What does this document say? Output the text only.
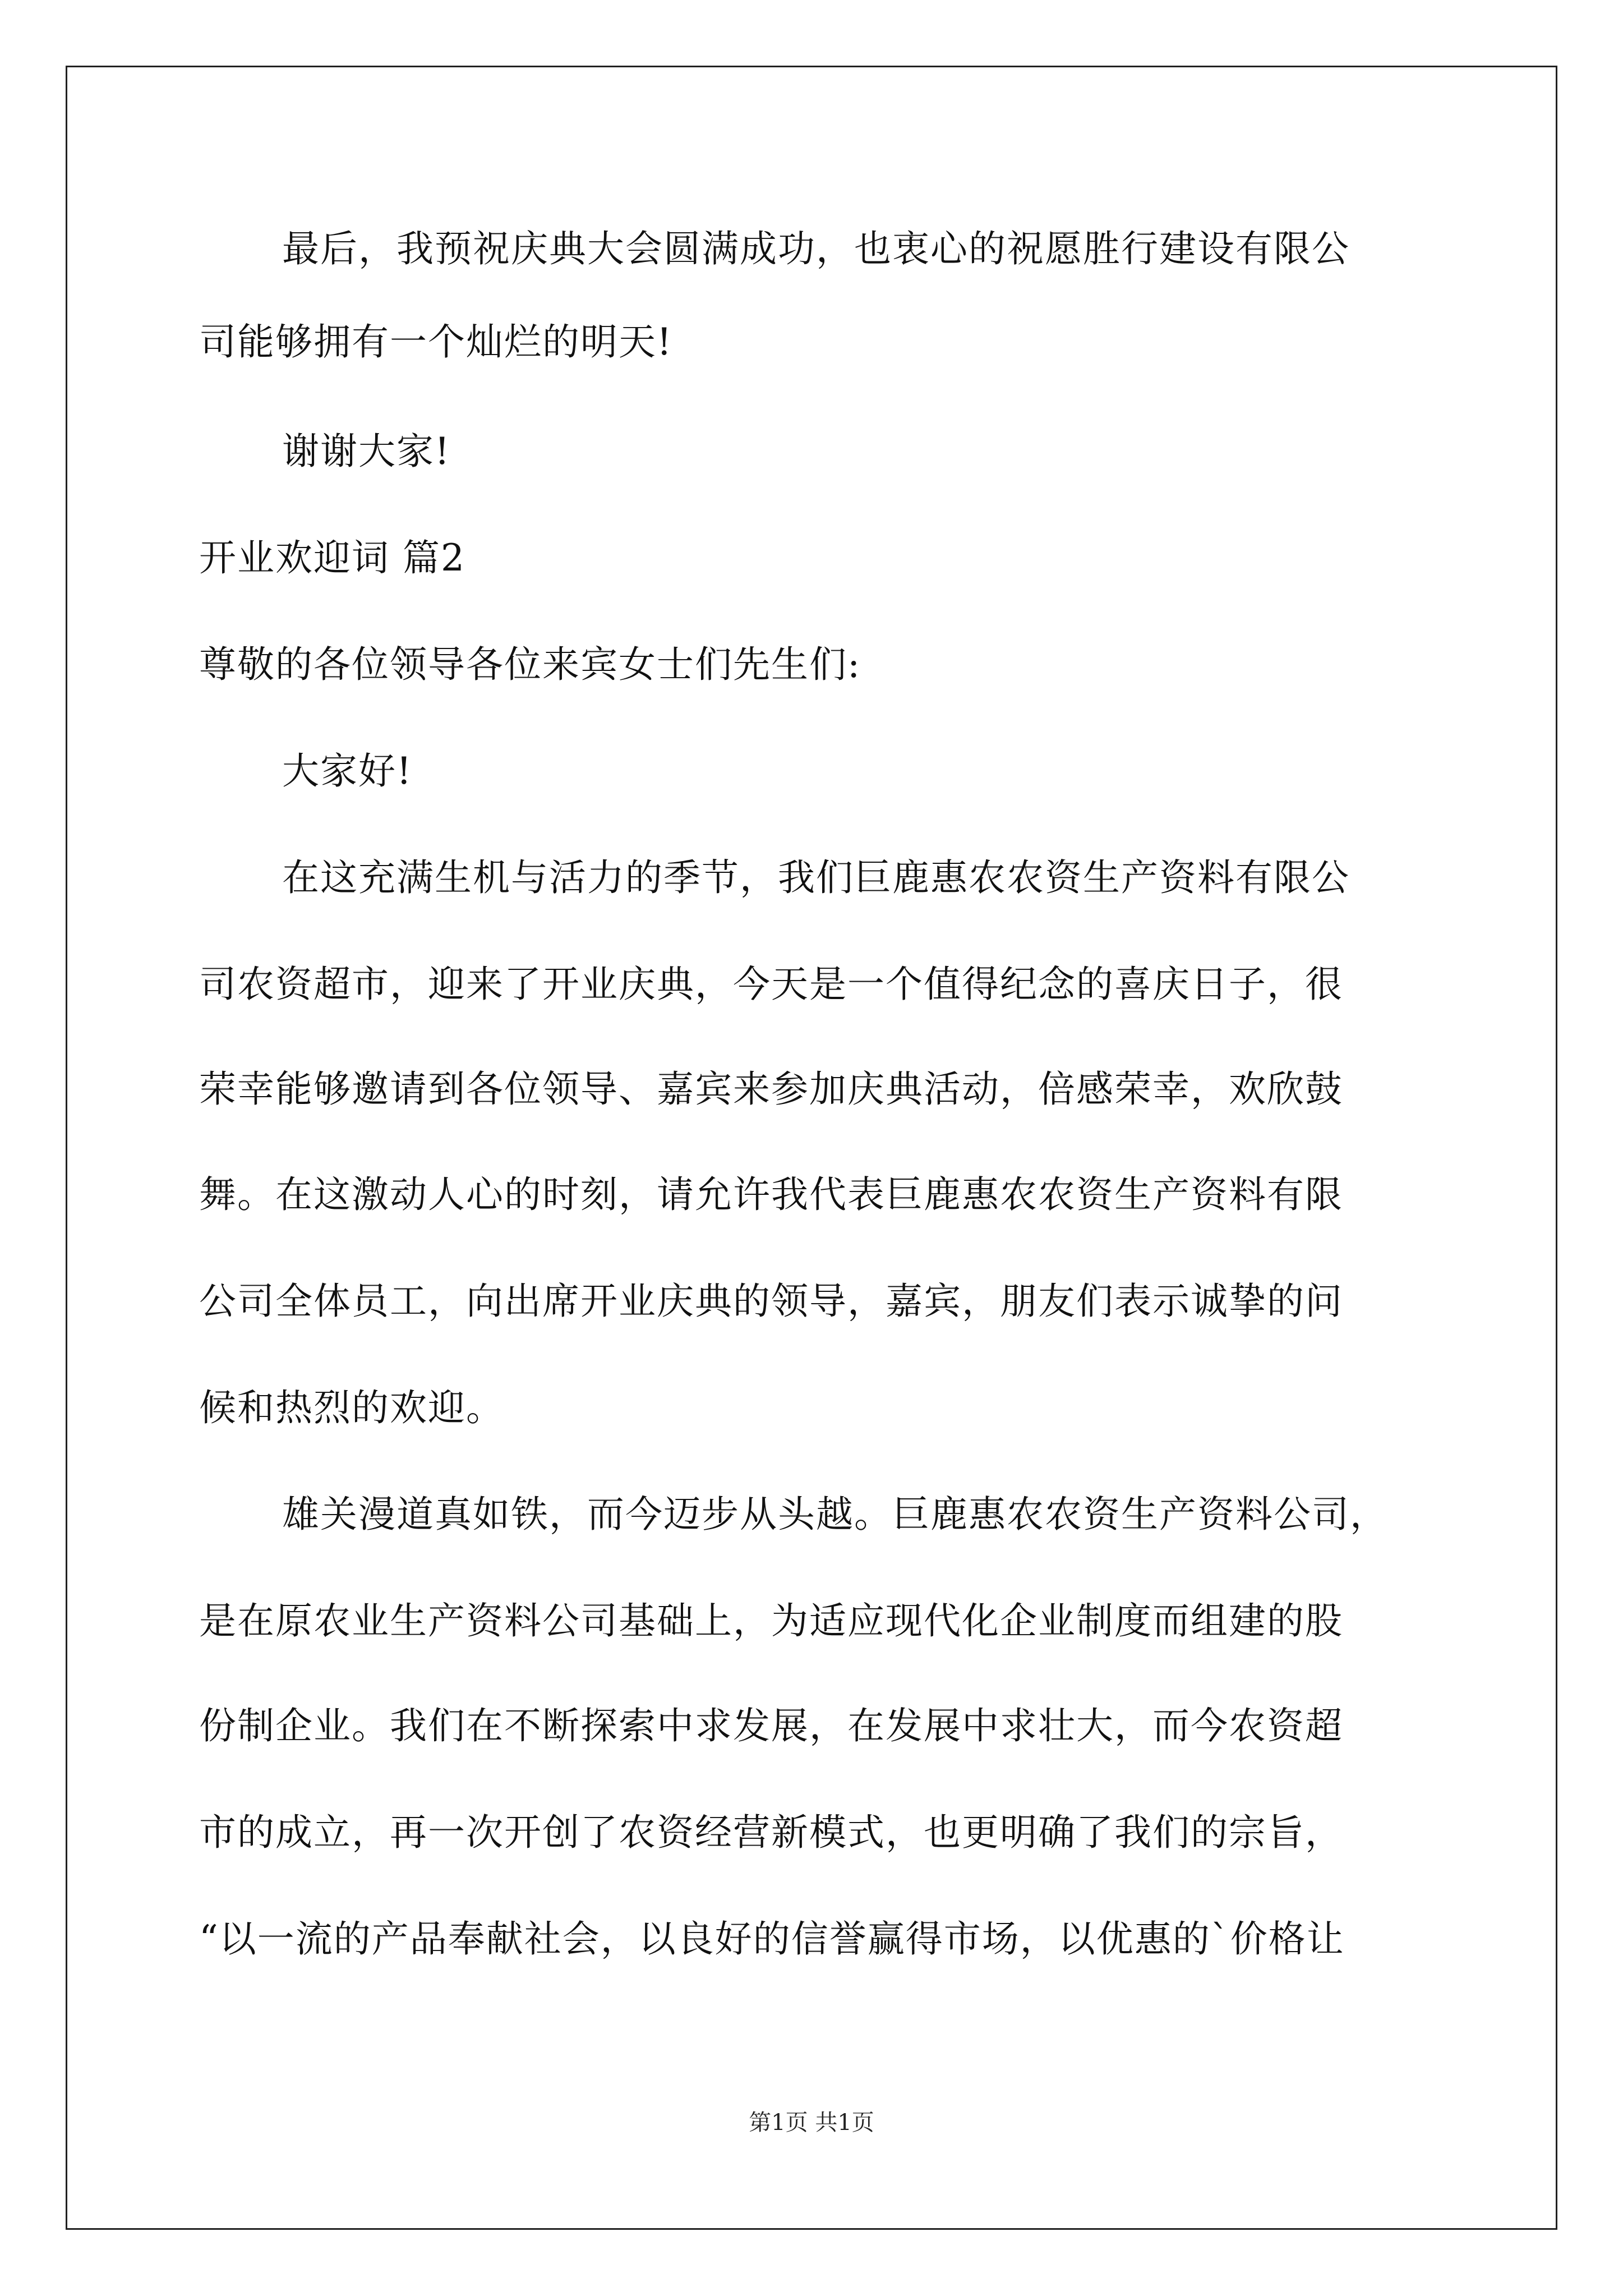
最后，我预祝庆典大会圆满成功，也衷心的祝愿胜行建设有限公
司能够拥有一个灿烂的明天!
谢谢大家!
开业欢迎词 篇2
尊敬的各位领导各位来宾女士们先生们:
大家好!
在这充满生机与活力的季节，我们巨鹿惠农农资生产资料有限公
司农资超市，迎来了开业庆典，今天是一个值得纪念的喜庆日子，很
荣幸能够邀请到各位领导、嘉宾来参加庆典活动，倍感荣幸，欢欣鼓
舞。在这激动人心的时刻，请允许我代表巨鹿惠农农资生产资料有限
公司全体员工，向出席开业庆典的领导，嘉宾，朋友们表示诚挚的问
候和热烈的欢迎。
雄关漫道真如铁，而今迈步从头越。巨鹿惠农农资生产资料公司，
是在原农业生产资料公司基础上，为适应现代化企业制度而组建的股
份制企业。我们在不断探索中求发展，在发展中求壮大，而今农资超
市的成立，再一次开创了农资经营新模式，也更明确了我们的宗旨，
“以一流的产品奉献社会，以良好的信誉赢得市场，以优惠的`价格让
第1页 共1页
